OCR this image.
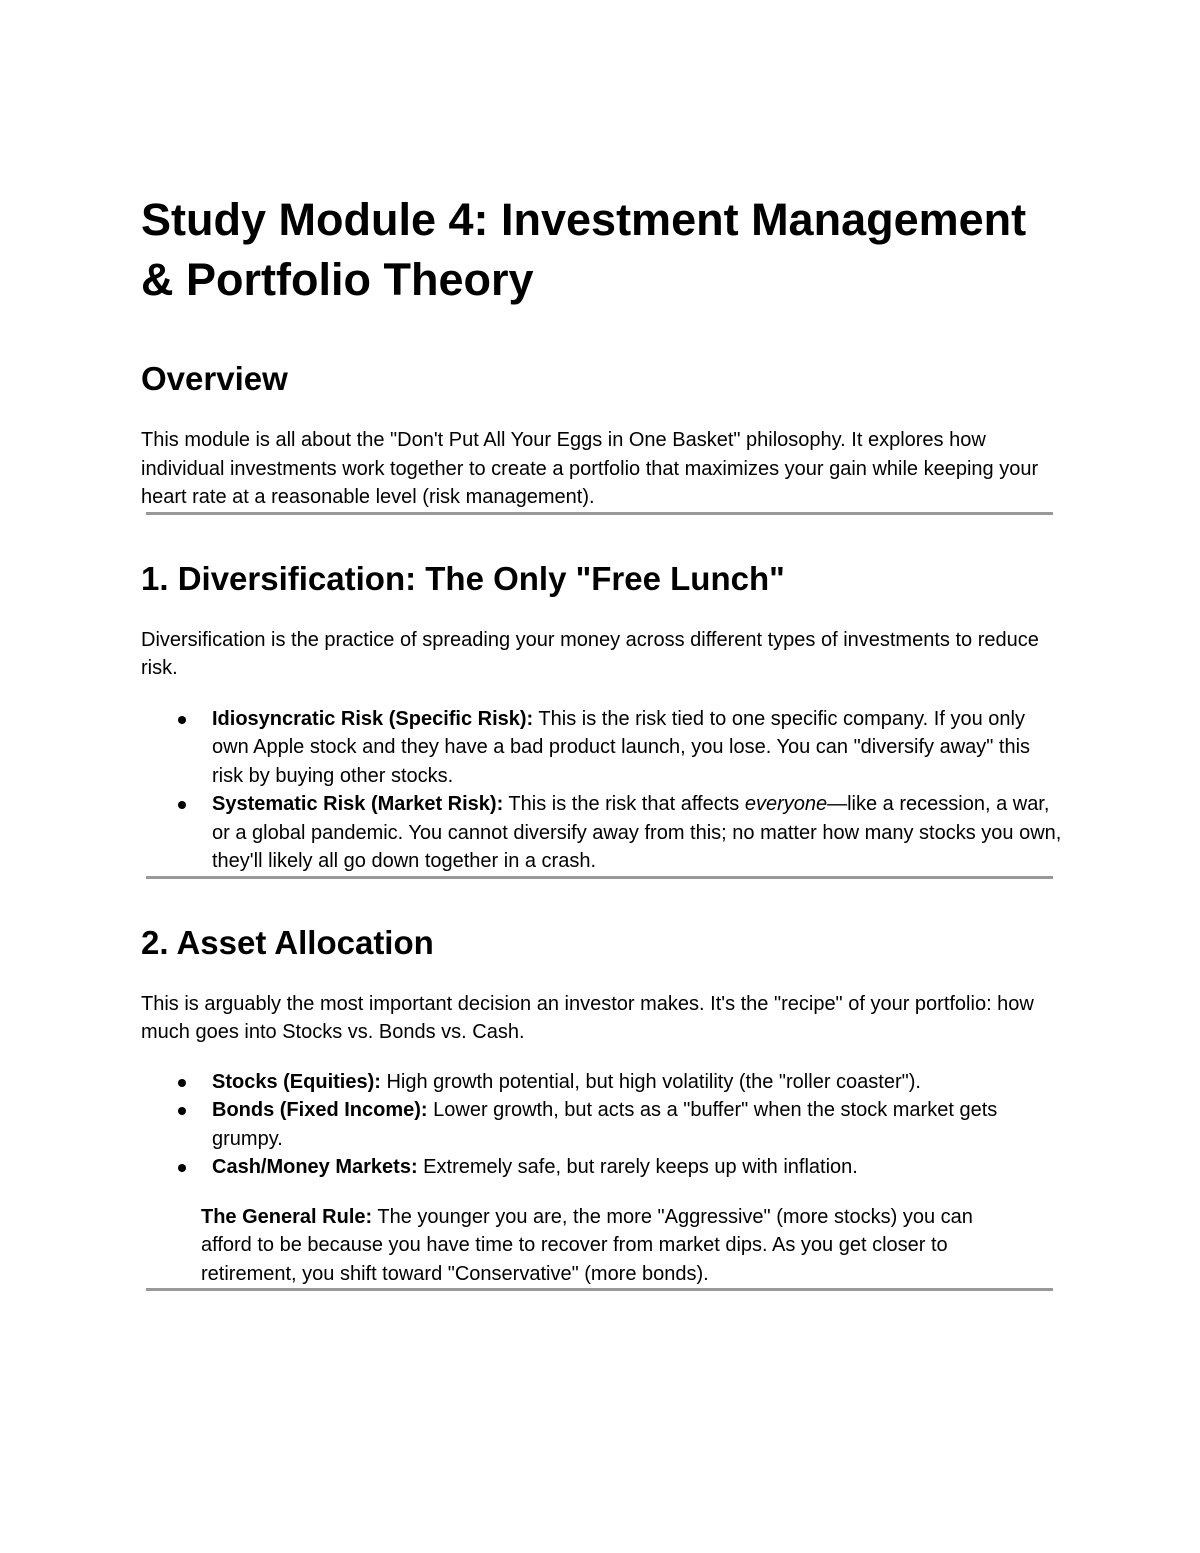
Study Module 4: Investment Management & Portfolio Theory
Overview

This module is all about the "Don't Put All Your Eggs in One Basket" philosophy. It explores how individual investments work together to create a portfolio that maximizes your gain while keeping your heart rate at a reasonable level (risk management).

1. Diversification: The Only "Free Lunch"

Diversification is the practice of spreading your money across different types of investments to reduce risk.

Idiosyncratic Risk (Specific Risk): This is the risk tied to one specific company. If you only own Apple stock and they have a bad product launch, you lose. You can "diversify away" this risk by buying other stocks.
Systematic Risk (Market Risk): This is the risk that affects everyone—like a recession, a war, or a global pandemic. You cannot diversify away from this; no matter how many stocks you own, they'll likely all go down together in a crash.
2. Asset Allocation

This is arguably the most important decision an investor makes. It's the "recipe" of your portfolio: how much goes into Stocks vs. Bonds vs. Cash.

Stocks (Equities): High growth potential, but high volatility (the "roller coaster").
Bonds (Fixed Income): Lower growth, but acts as a "buffer" when the stock market gets grumpy.
Cash/Money Markets: Extremely safe, but rarely keeps up with inflation.

The General Rule: The younger you are, the more "Aggressive" (more stocks) you can afford to be because you have time to recover from market dips. As you get closer to retirement, you shift toward "Conservative" (more bonds).
